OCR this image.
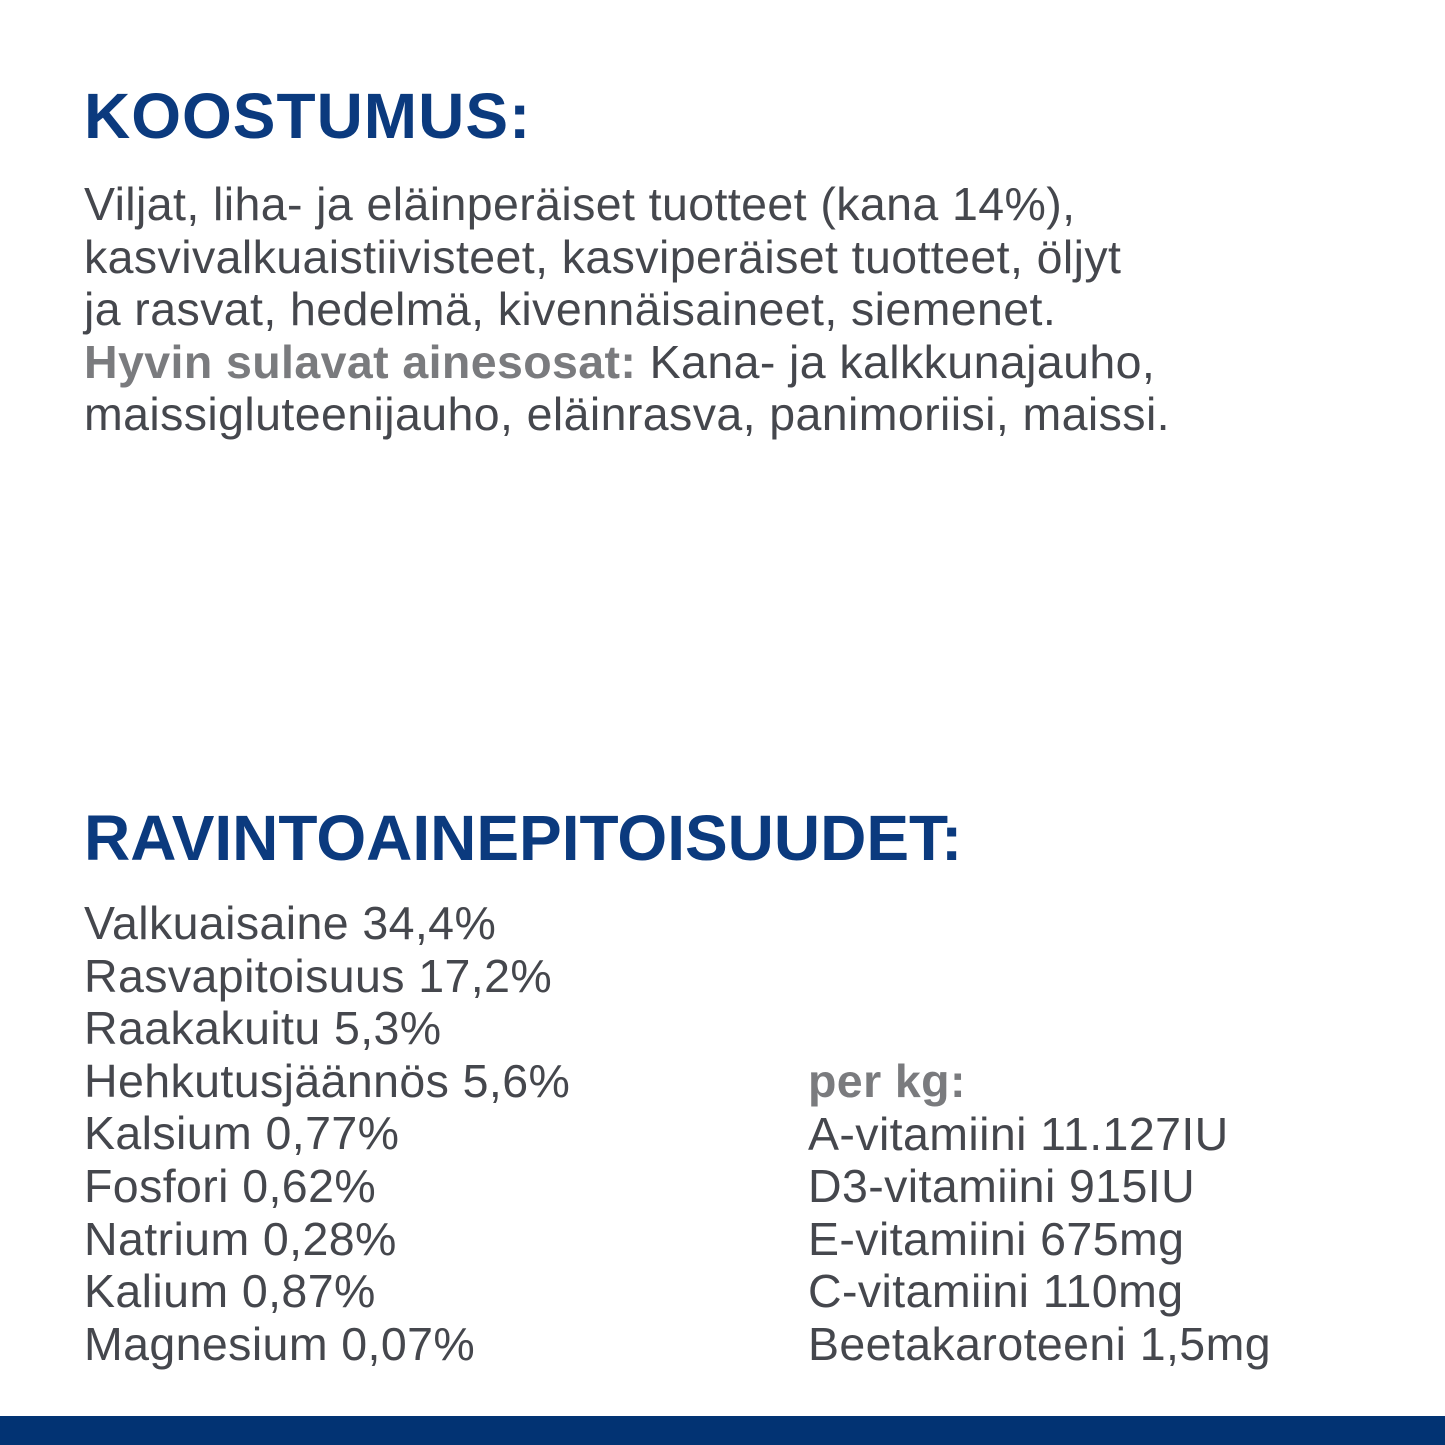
KOOSTUMUS:

Viljat, liha- ja eläinperäiset tuotteet (kana 14%),
kasvivalkuaistiivisteet, kasviperäiset tuotteet, öljyt
ja rasvat, hedelmä, kivennäisaineet, siemenet.
Hyvin sulavat ainesosat: Kana- ja kalkkunajauho,
maissigluteenijauho, eläinrasva, panimoriisi, maissi.

RAVINTOAINEPITOISUUDET:
Valkuaisaine 34,4%
Rasvapitoisuus 17,2%
Raakakuitu 5,3%
Hehkutusjäännös 5,6%
Kalsium 0,77%
Fosfori 0,62%
Natrium 0,28%
Kalium 0,87%
Magnesium 0,07%
per kg:
A-vitamiini 11.127IU
D3-vitamiini 915IU
E-vitamiini 675mg
C-vitamiini 110mg
Beetakaroteeni 1,5mg
